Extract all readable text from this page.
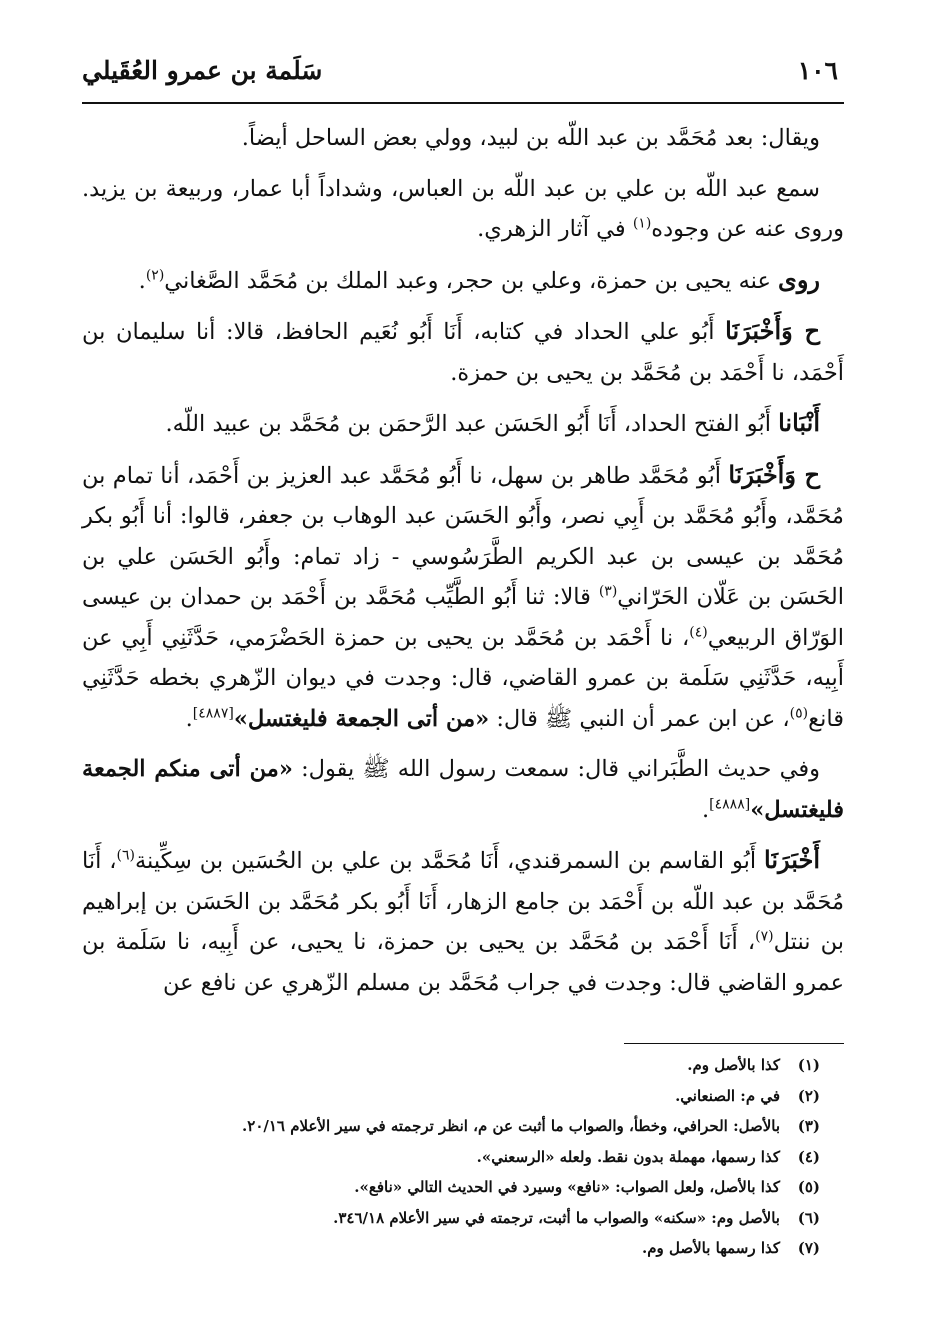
١٠٦
سَلَمة بن عمرو العُقَيلي

ويقال: بعد مُحَمَّد بن عبد اللّه بن لبيد، وولي بعض الساحل أيضاً.

سمع عبد اللّه بن علي بن عبد اللّه بن العباس، وشداداً أبا عمار، وربيعة بن يزيد. وروى عنه عن وجوده$^{(١)}$ في آثار الزهري.

روى عنه يحيى بن حمزة، وعلي بن حجر، وعبد الملك بن مُحَمَّد الصَّغاني$^{(٢)}$.

ح وَأَخْبَرَنَا أَبُو علي الحداد في كتابه، أَنَا أَبُو نُعَيم الحافظ، قالا: أنا سليمان بن أَحْمَد، نا أَحْمَد بن مُحَمَّد بن يحيى بن حمزة.

أَنْبَانا أَبُو الفتح الحداد، أَنَا أَبُو الحَسَن عبد الرَّحمَن بن مُحَمَّد بن عبيد اللّه.

ح وَأَخْبَرَنَا أَبُو مُحَمَّد طاهر بن سهل، نا أَبُو مُحَمَّد عبد العزيز بن أَحْمَد، أنا تمام بن مُحَمَّد، وأَبُو مُحَمَّد بن أَبِي نصر، وأَبُو الحَسَن عبد الوهاب بن جعفر، قالوا: أنا أَبُو بكر مُحَمَّد بن عيسى بن عبد الكريم الطَّرَسُوسي - زاد تمام: وأَبُو الحَسَن علي بن الحَسَن بن عَلّان الحَرّاني$^{(٣)}$ قالا: ثنا أَبُو الطَّيِّب مُحَمَّد بن أَحْمَد بن حمدان بن عيسى الوَرّاق الربيعي$^{(٤)}$، نا أَحْمَد بن مُحَمَّد بن يحيى بن حمزة الحَضْرَمي، حَدَّثَنِي أَبِي عن أَبِيه، حَدَّثَنِي سَلَمة بن عمرو القاضي، قال: وجدت في ديوان الزّهري بخطه حَدَّثَنِي قانع$^{(٥)}$، عن ابن عمر أن النبي ﷺ قال: «من أتى الجمعة فليغتسل»[٤٨٨٧].

وفي حديث الطَّبَراني قال: سمعت رسول الله ﷺ يقول: «من أتى منكم الجمعة فليغتسل»[٤٨٨٨].

أَخْبَرَنَا أَبُو القاسم بن السمرقندي، أَنَا مُحَمَّد بن علي بن الحُسَين بن سِكِّينة$^{(٦)}$، أَنَا مُحَمَّد بن عبد اللّه بن أَحْمَد بن جامع الزهار، أَنَا أَبُو بكر مُحَمَّد بن الحَسَن بن إبراهيم بن ننتل$^{(٧)}$، أَنَا أَحْمَد بن مُحَمَّد بن يحيى بن حمزة، نا يحيى، عن أَبِيه، نا سَلَمة بن عمرو القاضي قال: وجدت في جراب مُحَمَّد بن مسلم الزّهري عن نافع عن

(١)
كذا بالأصل وم.
(٢)
في م: الصنعاني.
(٣)
بالأصل: الحرافي، وخطأ، والصواب ما أثبت عن م، انظر ترجمته في سير الأعلام ٢٠/١٦.
(٤)
كذا رسمها، مهملة بدون نقط. ولعله «الرسعني».
(٥)
كذا بالأصل، ولعل الصواب: «نافع» وسيرد في الحديث التالي «نافع».
(٦)
بالأصل وم: «سكنه» والصواب ما أثبت، ترجمته في سير الأعلام ٣٤٦/١٨.
(٧)
كذا رسمها بالأصل وم.
